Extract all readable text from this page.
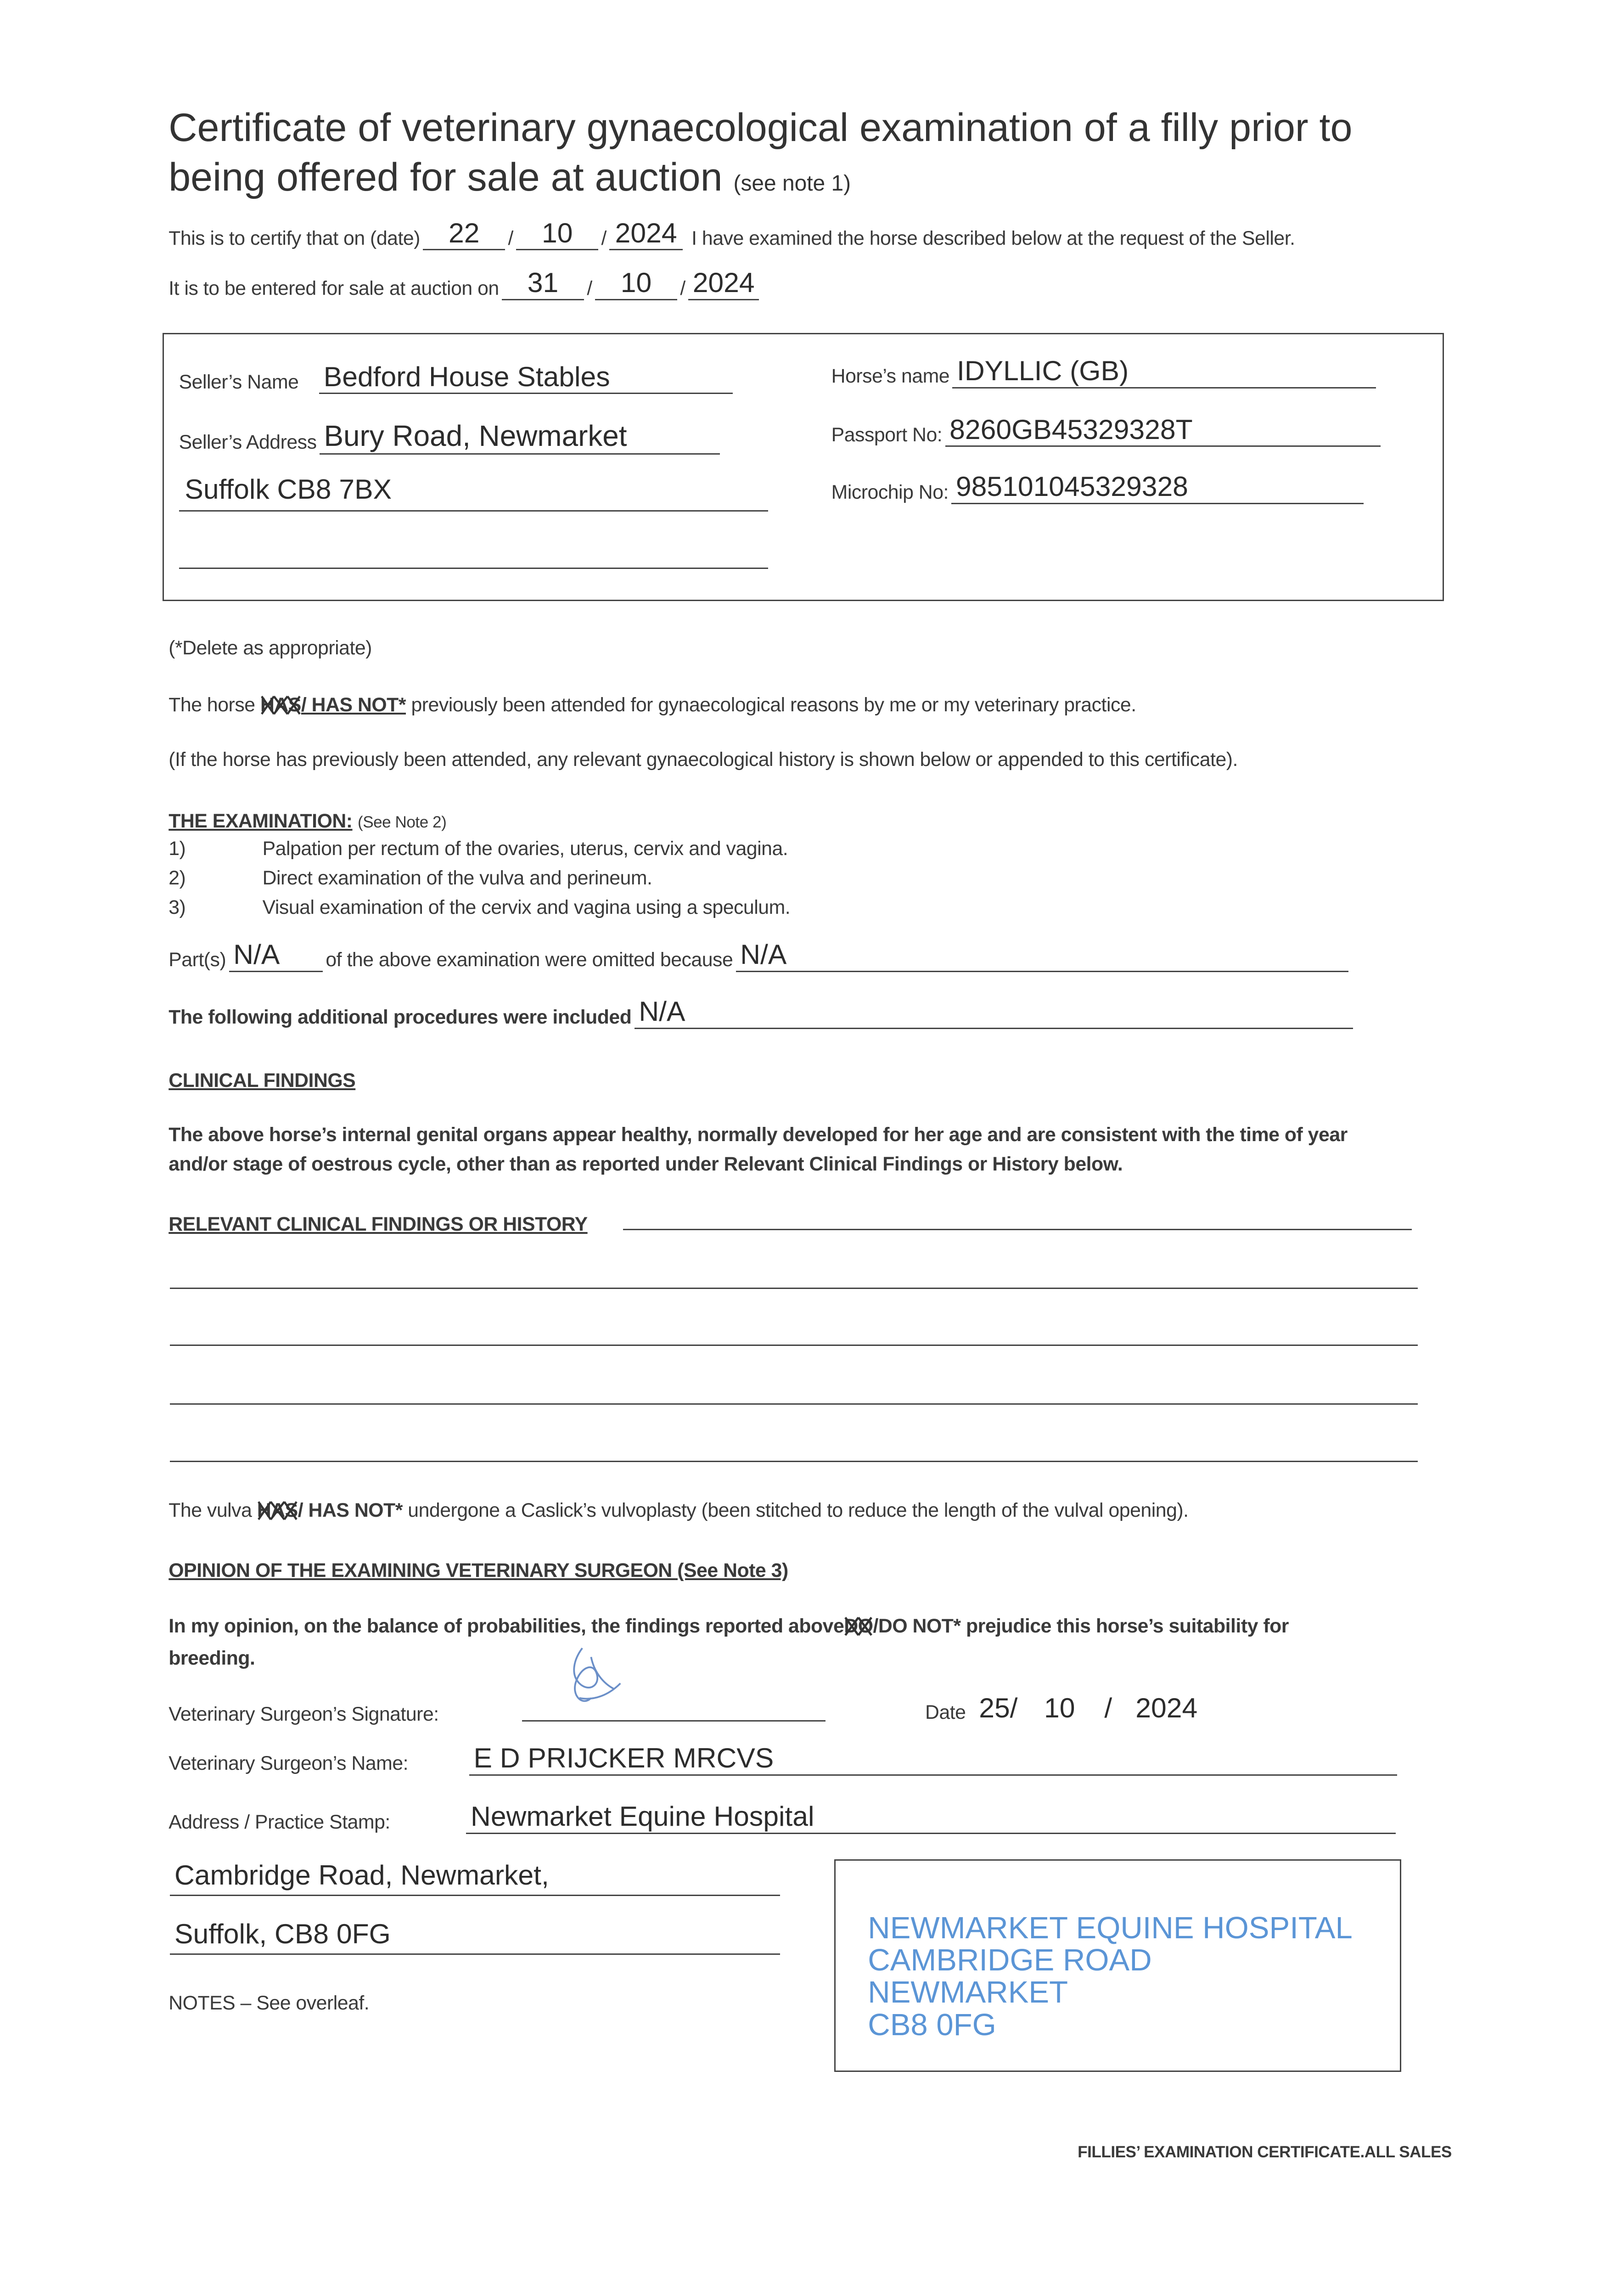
Certificate of veterinary gynaecological examination of a filly prior to
being offered for sale at auction (see note 1)
This is to certify that on (date)	22	/	10	/ 2024 I have examined the horse described below at the request of the Seller.
It is to be entered for sale at auction on	31	/	10	/ 2024
Seller’s Name Bedford House Stables
Seller’s Address Bury Road, Newmarket
Suffolk CB8 7BX
Horse’s name IDYLLIC (GB)
Passport No: 8260GB45329328T
Microchip No: 985101045329328
(*Delete as appropriate)
The horse HAS
/ HAS NOT* previously been attended for gynaecological reasons by me or my veterinary practice.
(If the horse has previously been attended, any relevant gynaecological history is shown below or appended to this certificate).
THE EXAMINATION: (See Note 2)
1)	Palpation per rectum of the ovaries, uterus, cervix and vagina.
2)	Direct examination of the vulva and perineum.
3)	Visual examination of the cervix and vagina using a speculum.
Part(s) N/A	of the above examination were omitted because N/A
The following additional procedures were included N/A
CLINICAL FINDINGS
The above horse’s internal genital organs appear healthy, normally developed for her age and are consistent with the time of year
and/or stage of oestrous cycle, other than as reported under Relevant Clinical Findings or History below.
RELEVANT CLINICAL FINDINGS OR HISTORY
The vulva HAS
/ HAS NOT* undergone a Caslick’s vulvoplasty (been stitched to reduce the length of the vulval opening).
OPINION OF THE EXAMINING VETERINARY SURGEON (See Note 3)
In my opinion, on the balance of probabilities, the findings reported aboveDO
/DO NOT* prejudice this horse’s suitability for
breeding.
Veterinary Surgeon’s Signature:	Date 25/ 10 / 2024
Veterinary Surgeon’s Name:	E D PRIJCKER MRCVS
Address / Practice Stamp:	Newmarket Equine Hospital
Cambridge Road, Newmarket,
Suffolk, CB8 0FG
NOTES – See overleaf.
NEWMARKET EQUINE HOSPITAL
CAMBRIDGE ROAD
NEWMARKET
CB8 0FG
FILLIES’ EXAMINATION CERTIFICATE.ALL SALES
